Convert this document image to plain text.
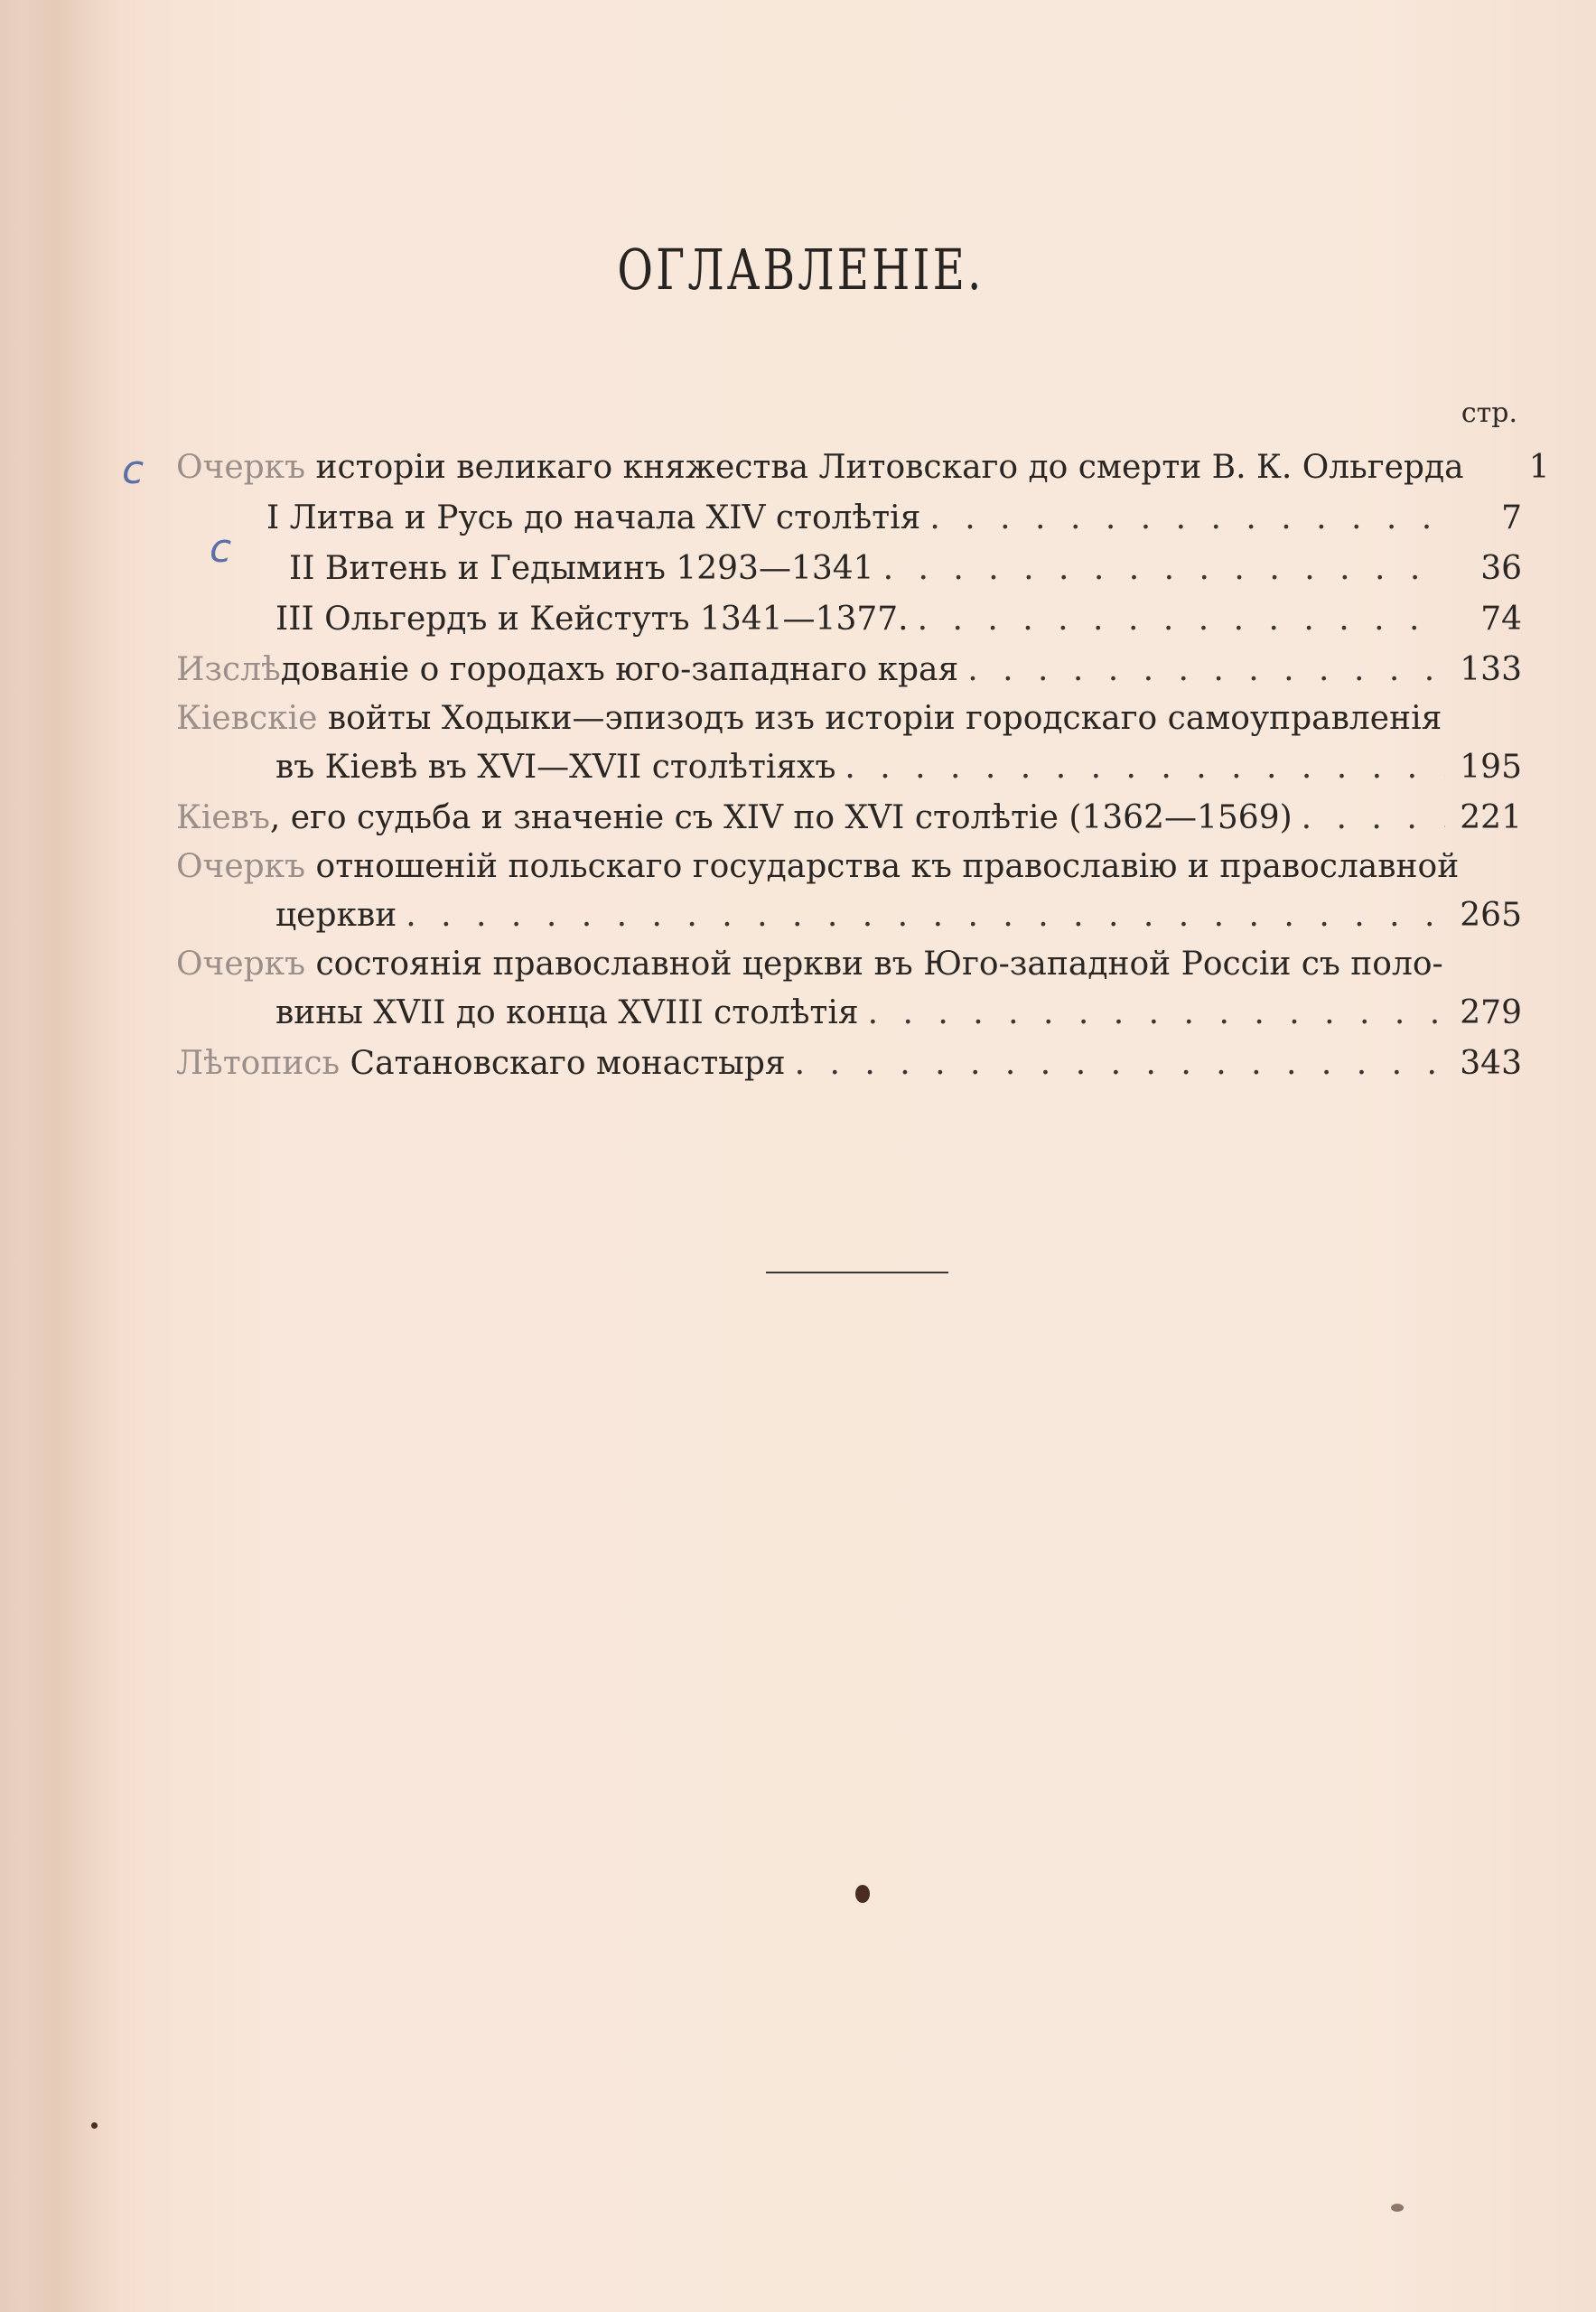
ОГЛАВЛЕНІЕ.
стр.
с
с
Очеркъ исторіи великаго княжества Литовскаго до смерти В. К. Ольгерда	1
I Литва и Русь до начала XIV столѣтія . . .	7
II Витень и Гедыминъ 1293—1341 . . .	36
III Ольгердъ и Кейстутъ 1341—1377. . . .	74
Изслѣдованіе о городахъ юго-западнаго края . . .	133
Кіевскіе войты Ходыки—эпизодъ изъ исторіи городскаго самоуправленія
въ Кіевѣ въ XVI—XVII столѣтіяхъ . . .	195
Кіевъ, его судьба и значеніе съ XIV по XVI столѣтіе (1362—1569) . . .	221
Очеркъ отношеній польскаго государства къ православію и православной
церкви . . .	265
Очеркъ состоянія православной церкви въ Юго-западной Россіи съ поло-
вины XVII до конца XVIII столѣтія . . .	279
Лѣтопись Сатановскаго монастыря . . .	343
